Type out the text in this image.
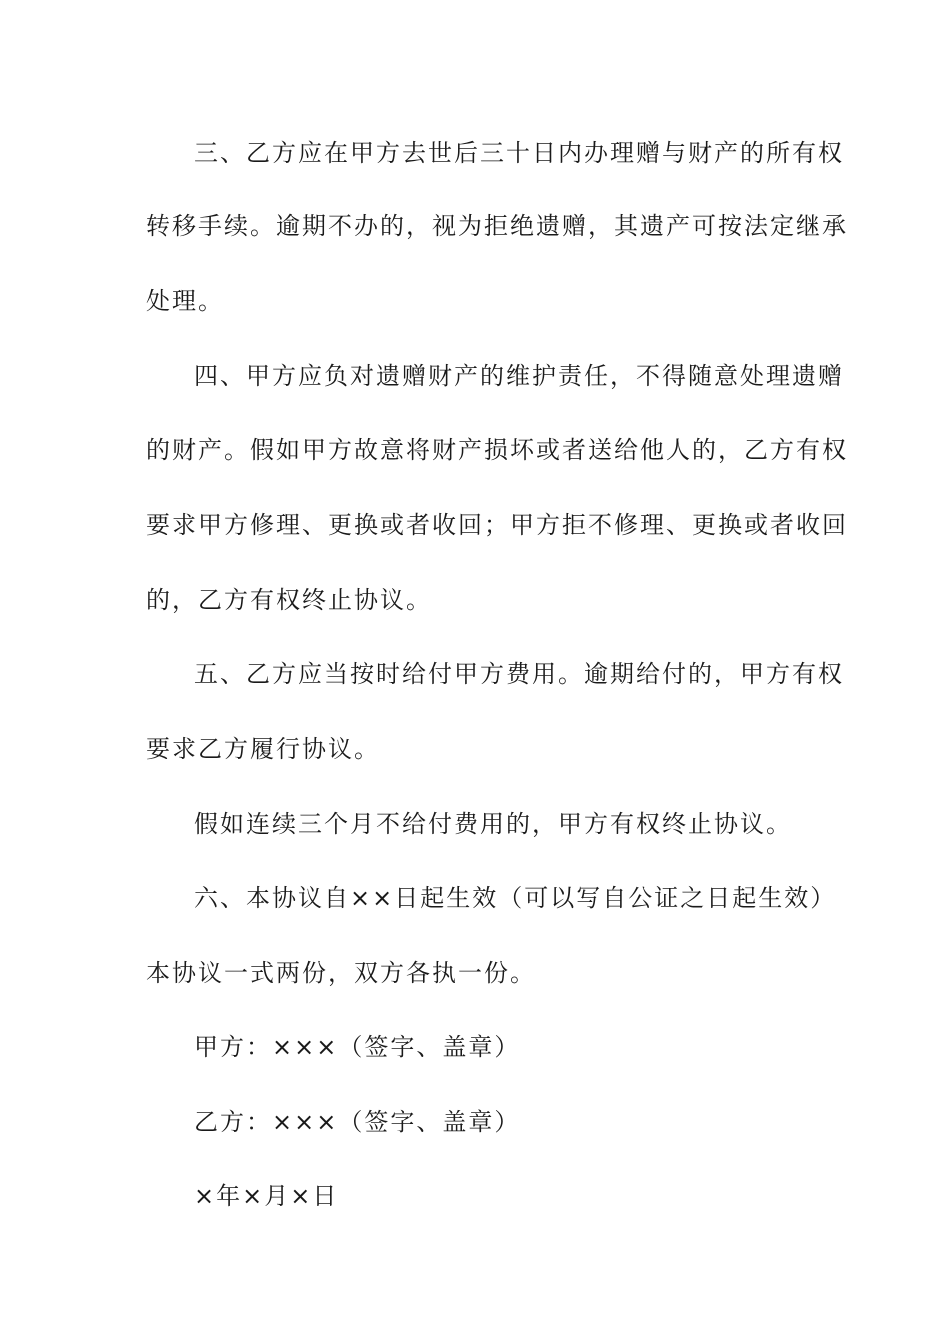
三、乙方应在甲方去世后三十日内办理赠与财产的所有权
转移手续。逾期不办的，视为拒绝遗赠，其遗产可按法定继承
处理。
四、甲方应负对遗赠财产的维护责任，不得随意处理遗赠
的财产。假如甲方故意将财产损坏或者送给他人的，乙方有权
要求甲方修理、更换或者收回；甲方拒不修理、更换或者收回
的，乙方有权终止协议。
五、乙方应当按时给付甲方费用。逾期给付的，甲方有权
要求乙方履行协议。
假如连续三个月不给付费用的，甲方有权终止协议。
六、本协议自××日起生效（可以写自公证之日起生效）
本协议一式两份，双方各执一份。
甲方：×××（签字、盖章）
乙方：×××（签字、盖章）
×年×月×日
